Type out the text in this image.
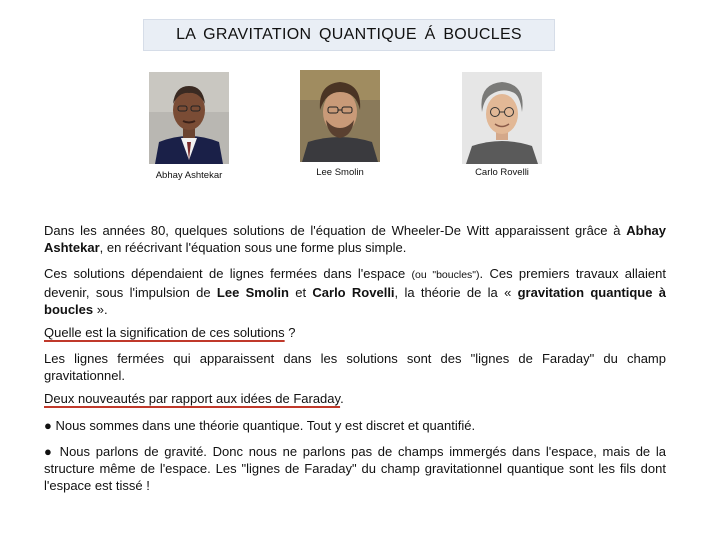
LA GRAVITATION QUANTIQUE Á BOUCLES
Abhay Ashtekar	Lee Smolin	Carlo Rovelli

Dans les années 80, quelques solutions de l'équation de Wheeler-De Witt apparaissent grâce à Abhay Ashtekar, en réécrivant l'équation sous une forme plus simple.

Ces solutions dépendaient de lignes fermées dans l'espace (ou "boucles"). Ces premiers travaux allaient devenir, sous l'impulsion de Lee Smolin et Carlo Rovelli, la théorie de la « gravitation quantique à boucles ».

Quelle est la signification de ces solutions ?

Les lignes fermées qui apparaissent dans les solutions sont des "lignes de Faraday" du champ gravitationnel.

Deux nouveautés par rapport aux idées de Faraday.

● Nous sommes dans une théorie quantique. Tout y est discret et quantifié.

● Nous parlons de gravité. Donc nous ne parlons pas de champs immergés dans l'espace, mais de la structure même de l'espace. Les "lignes de Faraday" du champ gravitationnel quantique sont les fils dont l'espace est tissé !
